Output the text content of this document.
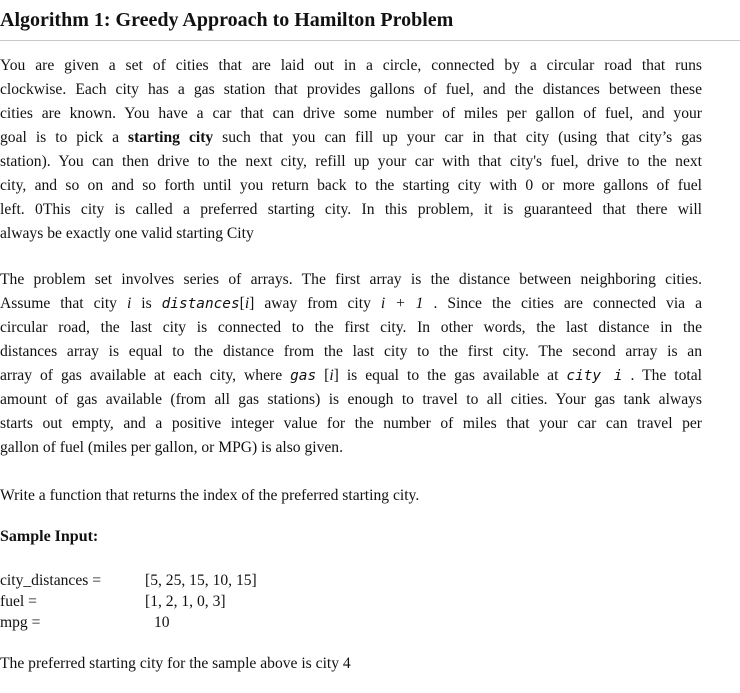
Algorithm 1: Greedy Approach to Hamilton Problem
You are given a set of cities that are laid out in a circle, connected by a circular road that runs
clockwise. Each city has a gas station that provides gallons of fuel, and the distances between these
cities are known. You have a car that can drive some number of miles per gallon of fuel, and your
goal is to pick a starting city such that you can fill up your car in that city (using that city’s gas
station). You can then drive to the next city, refill up your car with that city's fuel, drive to the next
city, and so on and so forth until you return back to the starting city with 0 or more gallons of fuel
left. 0This city is called a preferred starting city. In this problem, it is guaranteed that there will
always be exactly one valid starting City
The problem set involves series of arrays. The first array is the distance between neighboring cities.
Assume that city i is distances[i] away from city i + 1 . Since the cities are connected via a
circular road, the last city is connected to the first city. In other words, the last distance in the
distances array is equal to the distance from the last city to the first city. The second array is an
array of gas available at each city, where gas [i] is equal to the gas available at city i . The total
amount of gas available (from all gas stations) is enough to travel to all cities. Your gas tank always
starts out empty, and a positive integer value for the number of miles that your car can travel per
gallon of fuel (miles per gallon, or MPG) is also given.
Write a function that returns the index of the preferred starting city.
Sample Input:
city_distances =	[5, 25, 15, 10, 15]
fuel =	[1, 2, 1, 0, 3]
mpg =	10
The preferred starting city for the sample above is city 4
